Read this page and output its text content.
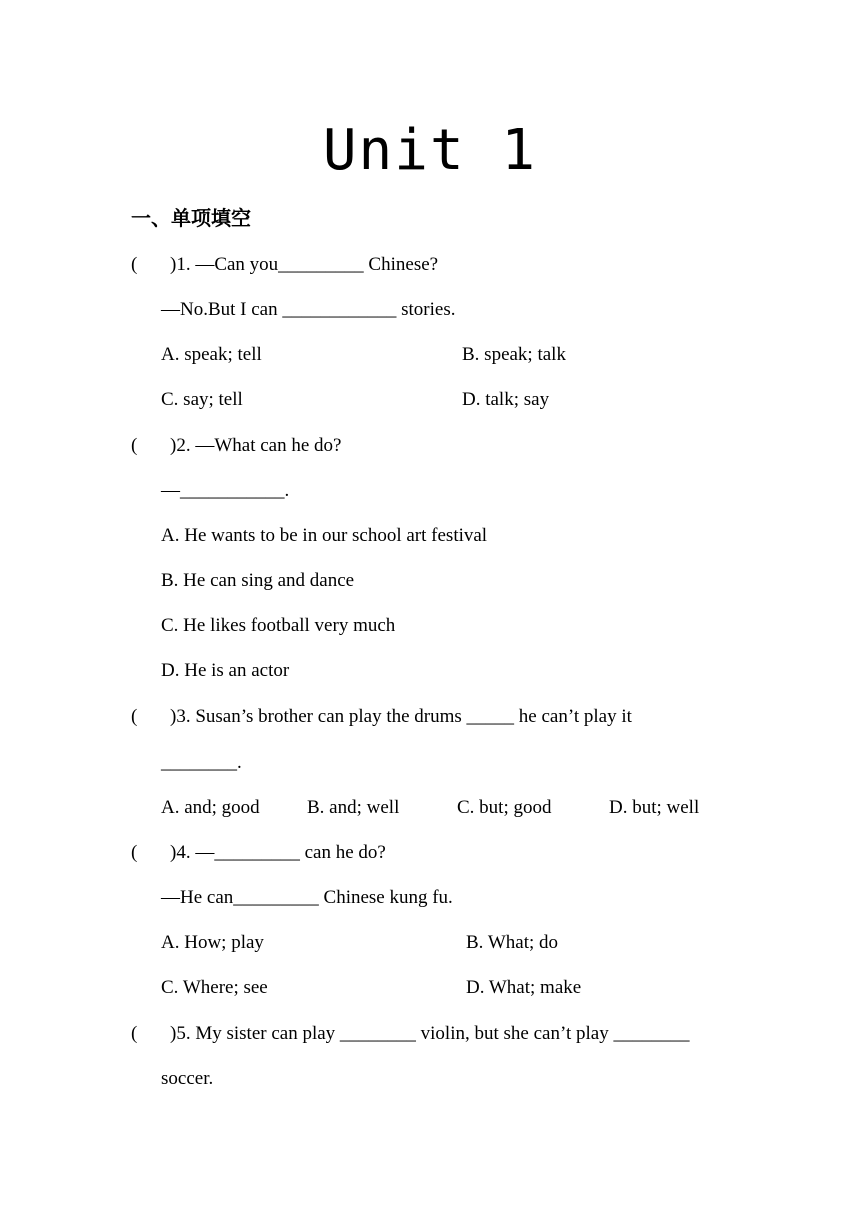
Unit 1
一、单项填空
( )1. —Can you_________ Chinese?
—No.But I can ____________ stories.
A. speak; tell	B. speak; talk
C. say; tell	D. talk; say
( )2. —What can he do?
—___________.
A. He wants to be in our school art festival
B. He can sing and dance
C. He likes football very much
D. He is an actor
( )3. Susan’s brother can play the drums _____ he can’t play it
________.
A. and; good B. and; well	C. but; good	D. but; well
( )4. —_________ can he do?
—He can_________ Chinese kung fu.
A. How; play	B. What; do
C. Where; see	D. What; make
( )5. My sister can play ________ violin, but she can’t play ________
soccer.
